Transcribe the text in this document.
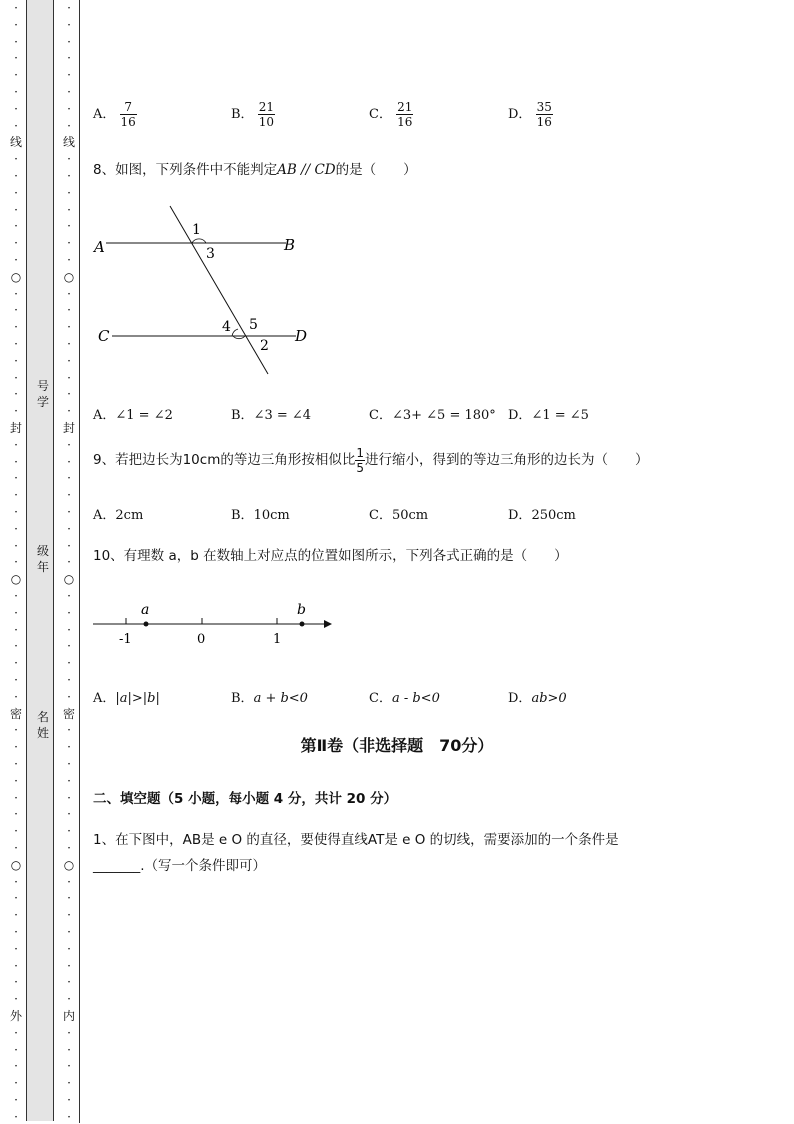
·
·
·
·
·
·
·
·
线
·
·
·
·
·
·
·
○
·
·
·
·
·
·
·
·
封
·
·
·
·
·
·
·
·
○
·
·
·
·
·
·
·
密
·
·
·
·
·
·
·
·
○
·
·
·
·
·
·
·
·
外
·
·
·
·
·
·
·
·
·
·
·
·
·
·
线
·
·
·
·
·
·
·
○
·
·
·
·
·
·
·
·
封
·
·
·
·
·
·
·
·
○
·
·
·
·
·
·
·
密
·
·
·
·
·
·
·
·
○
·
·
·
·
·
·
·
·
内
·
·
·
·
·
·
号
学
级
年
名
姓
A． $\frac{7}{16}$	B． $\frac{21}{10}$	C． $\frac{21}{16}$	D． $\frac{35}{16}$
8、如图，下列条件中不能判定AB // CD的是（　　）
A	B
C	D
1
3
4 5
2
A．∠1 = ∠2	B．∠3 = ∠4	C．∠3+ ∠5 = 180° D．∠1 = ∠5
9、若把边长为10cm的等边三角形按相似比 $\frac{1}{5}$ 进行缩小，得到的等边三角形的边长为（　　）
A．2cm	B．10cm	C．50cm	D．250cm
10、有理数 a，b 在数轴上对应点的位置如图所示，下列各式正确的是（　　）
a	b
-1	0	1
A．|a|>|b|	B．a + b<0	C．a - b<0	D．ab>0
第Ⅱ卷（非选择题　70分）
二、填空题（5 小题，每小题 4 分，共计 20 分）
1、在下图中，AB是 e O 的直径，要使得直线AT是 e O 的切线，需要添加的一个条件是
_______.（写一个条件即可）
